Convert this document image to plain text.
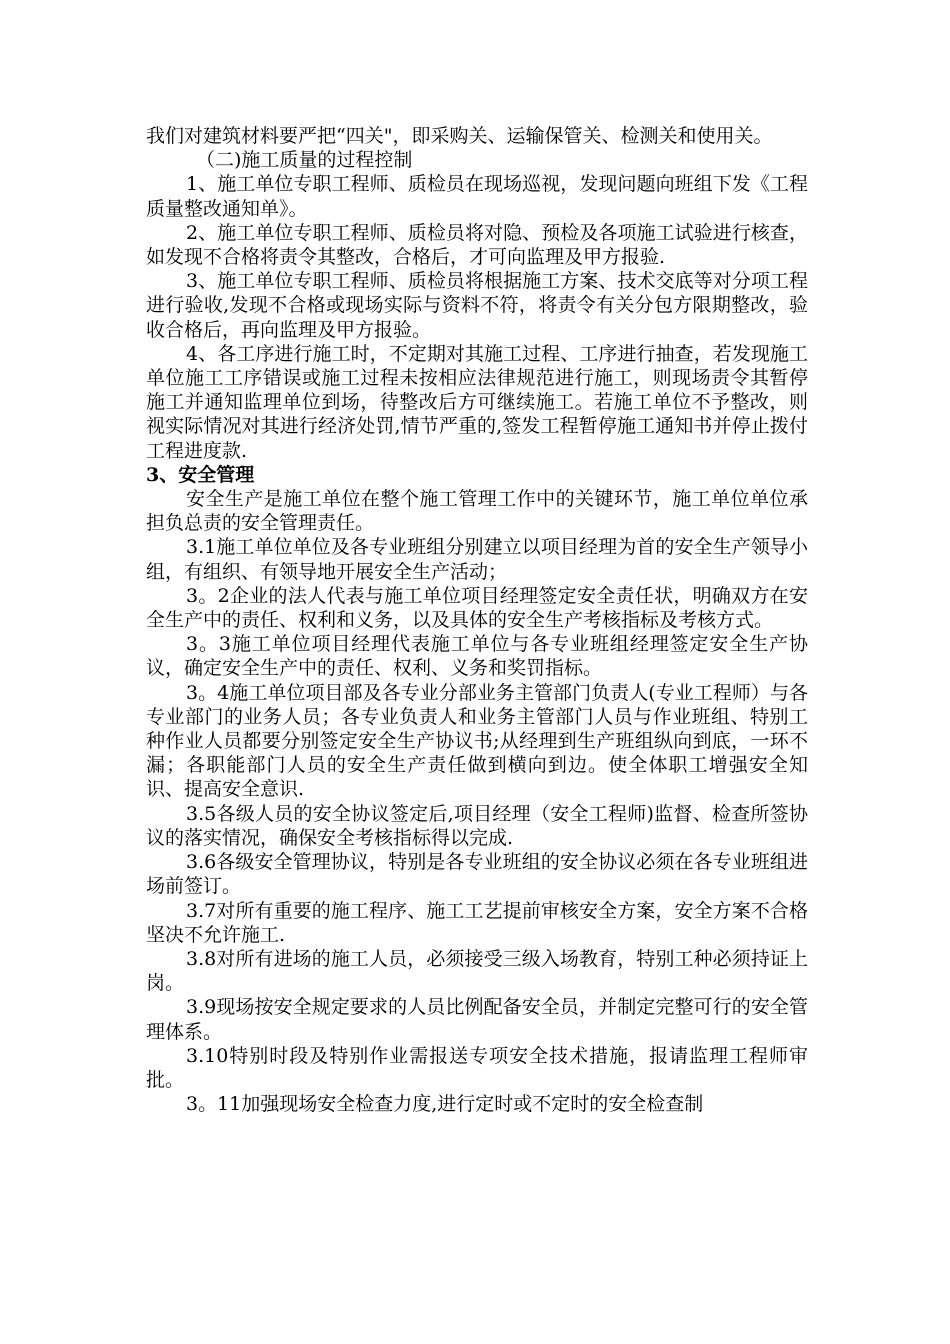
我们对建筑材料要严把“四关"，即采购关、运输保管关、检测关和使用关。

（二)施工质量的过程控制

1、施工单位专职工程师、质检员在现场巡视，发现问题向班组下发《工程质量整改通知单》。

2、施工单位专职工程师、质检员将对隐、预检及各项施工试验进行核查，如发现不合格将责令其整改，合格后，才可向监理及甲方报验.

3、施工单位专职工程师、质检员将根据施工方案、技术交底等对分项工程进行验收,发现不合格或现场实际与资料不符，将责令有关分包方限期整改，验收合格后，再向监理及甲方报验。

4、各工序进行施工时，不定期对其施工过程、工序进行抽查，若发现施工单位施工工序错误或施工过程未按相应法律规范进行施工，则现场责令其暂停施工并通知监理单位到场，待整改后方可继续施工。若施工单位不予整改，则视实际情况对其进行经济处罚,情节严重的,签发工程暂停施工通知书并停止拨付工程进度款.

3、安全管理

安全生产是施工单位在整个施工管理工作中的关键环节，施工单位单位承担负总责的安全管理责任。

3.1施工单位单位及各专业班组分别建立以项目经理为首的安全生产领导小组，有组织、有领导地开展安全生产活动；

3。2企业的法人代表与施工单位项目经理签定安全责任状，明确双方在安全生产中的责任、权利和义务，以及具体的安全生产考核指标及考核方式。

3。3施工单位项目经理代表施工单位与各专业班组经理签定安全生产协议，确定安全生产中的责任、权利、义务和奖罚指标。

3。4施工单位项目部及各专业分部业务主管部门负责人(专业工程师）与各专业部门的业务人员；各专业负责人和业务主管部门人员与作业班组、特别工种作业人员都要分别签定安全生产协议书;从经理到生产班组纵向到底，一环不漏；各职能部门人员的安全生产责任做到横向到边。使全体职工增强安全知识、提高安全意识.

3.5各级人员的安全协议签定后,项目经理（安全工程师)监督、检查所签协议的落实情况，确保安全考核指标得以完成.

3.6各级安全管理协议，特别是各专业班组的安全协议必须在各专业班组进场前签订。

3.7对所有重要的施工程序、施工工艺提前审核安全方案，安全方案不合格坚决不允许施工.

3.8对所有进场的施工人员，必须接受三级入场教育，特别工种必须持证上岗。

3.9现场按安全规定要求的人员比例配备安全员，并制定完整可行的安全管理体系。

3.10特别时段及特别作业需报送专项安全技术措施，报请监理工程师审批。

3。11加强现场安全检查力度,进行定时或不定时的安全检查制
